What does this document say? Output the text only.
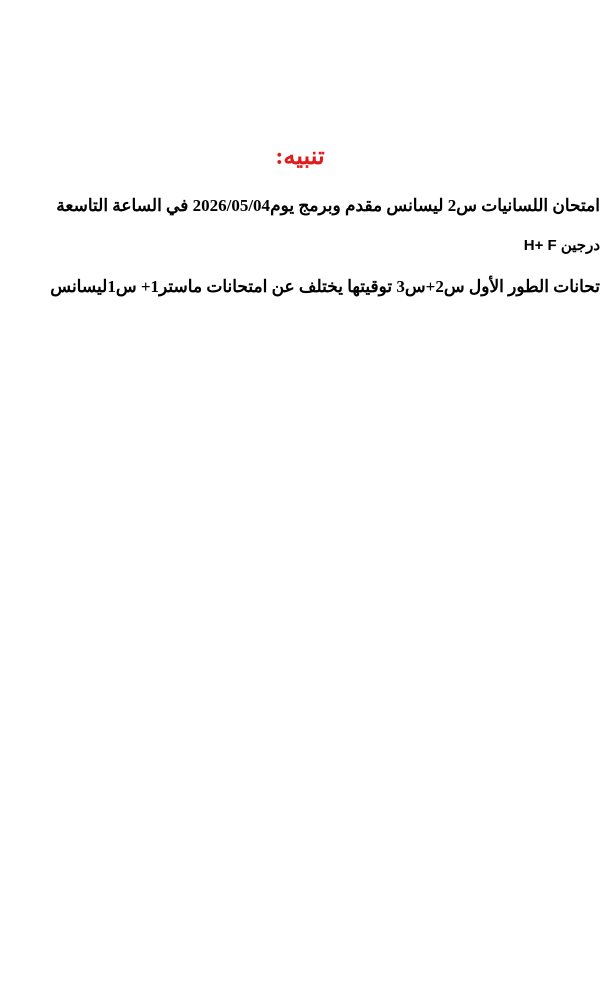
تنبيه:
امتحان اللسانيات س2 ليسانس مقدم وبرمج يوم2026/05/04 في الساعة التاسعة
درجين H+ F
تحانات الطور الأول س2+س3 توقيتها يختلف عن امتحانات ماستر1+ س1ليسانس
